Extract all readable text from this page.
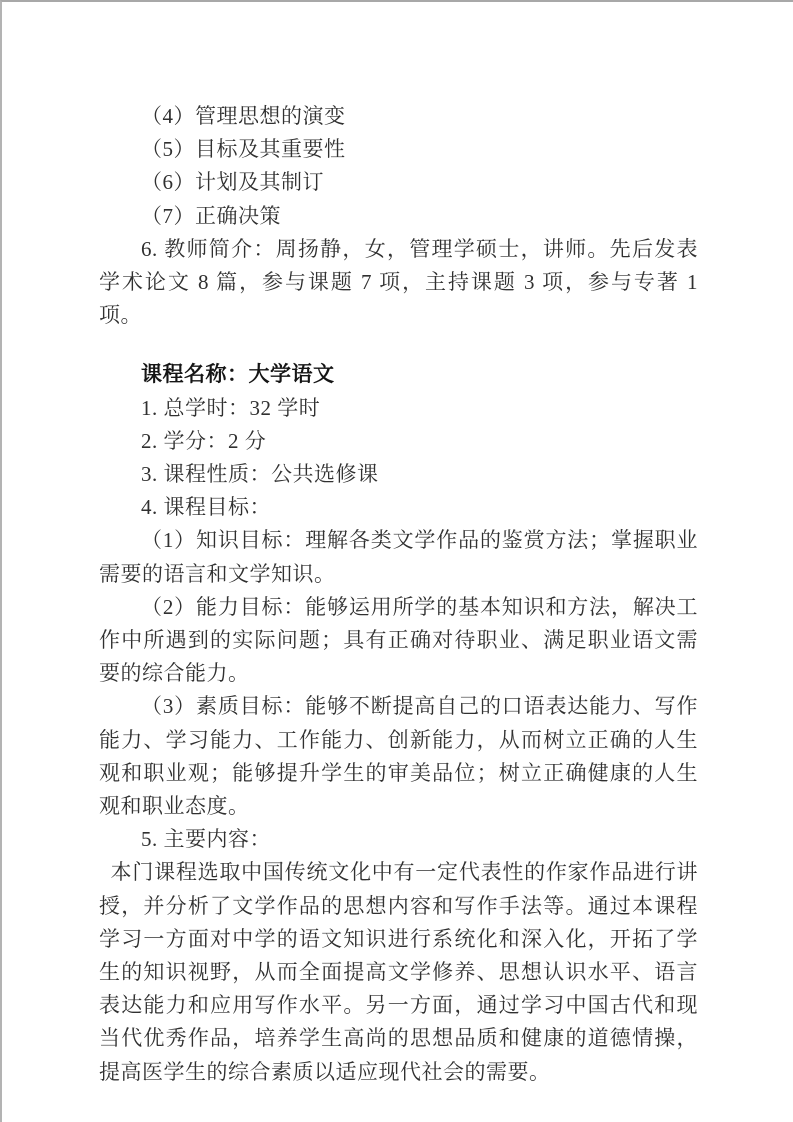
（4）管理思想的演变

（5）目标及其重要性

（6）计划及其制订

（7）正确决策

6. 教师简介：周扬静，女，管理学硕士，讲师。先后发表学术论文 8 篇，参与课题 7 项，主持课题 3 项，参与专著 1 项。

课程名称：大学语文

1. 总学时：32 学时

2. 学分：2 分

3. 课程性质：公共选修课

4. 课程目标：

（1）知识目标：理解各类文学作品的鉴赏方法；掌握职业需要的语言和文学知识。

（2）能力目标：能够运用所学的基本知识和方法，解决工作中所遇到的实际问题；具有正确对待职业、满足职业语文需要的综合能力。

（3）素质目标：能够不断提高自己的口语表达能力、写作能力、学习能力、工作能力、创新能力，从而树立正确的人生观和职业观；能够提升学生的审美品位；树立正确健康的人生观和职业态度。

5. 主要内容：

本门课程选取中国传统文化中有一定代表性的作家作品进行讲授，并分析了文学作品的思想内容和写作手法等。通过本课程学习一方面对中学的语文知识进行系统化和深入化，开拓了学生的知识视野，从而全面提高文学修养、思想认识水平、语言表达能力和应用写作水平。另一方面，通过学习中国古代和现当代优秀作品，培养学生高尚的思想品质和健康的道德情操，提高医学生的综合素质以适应现代社会的需要。
